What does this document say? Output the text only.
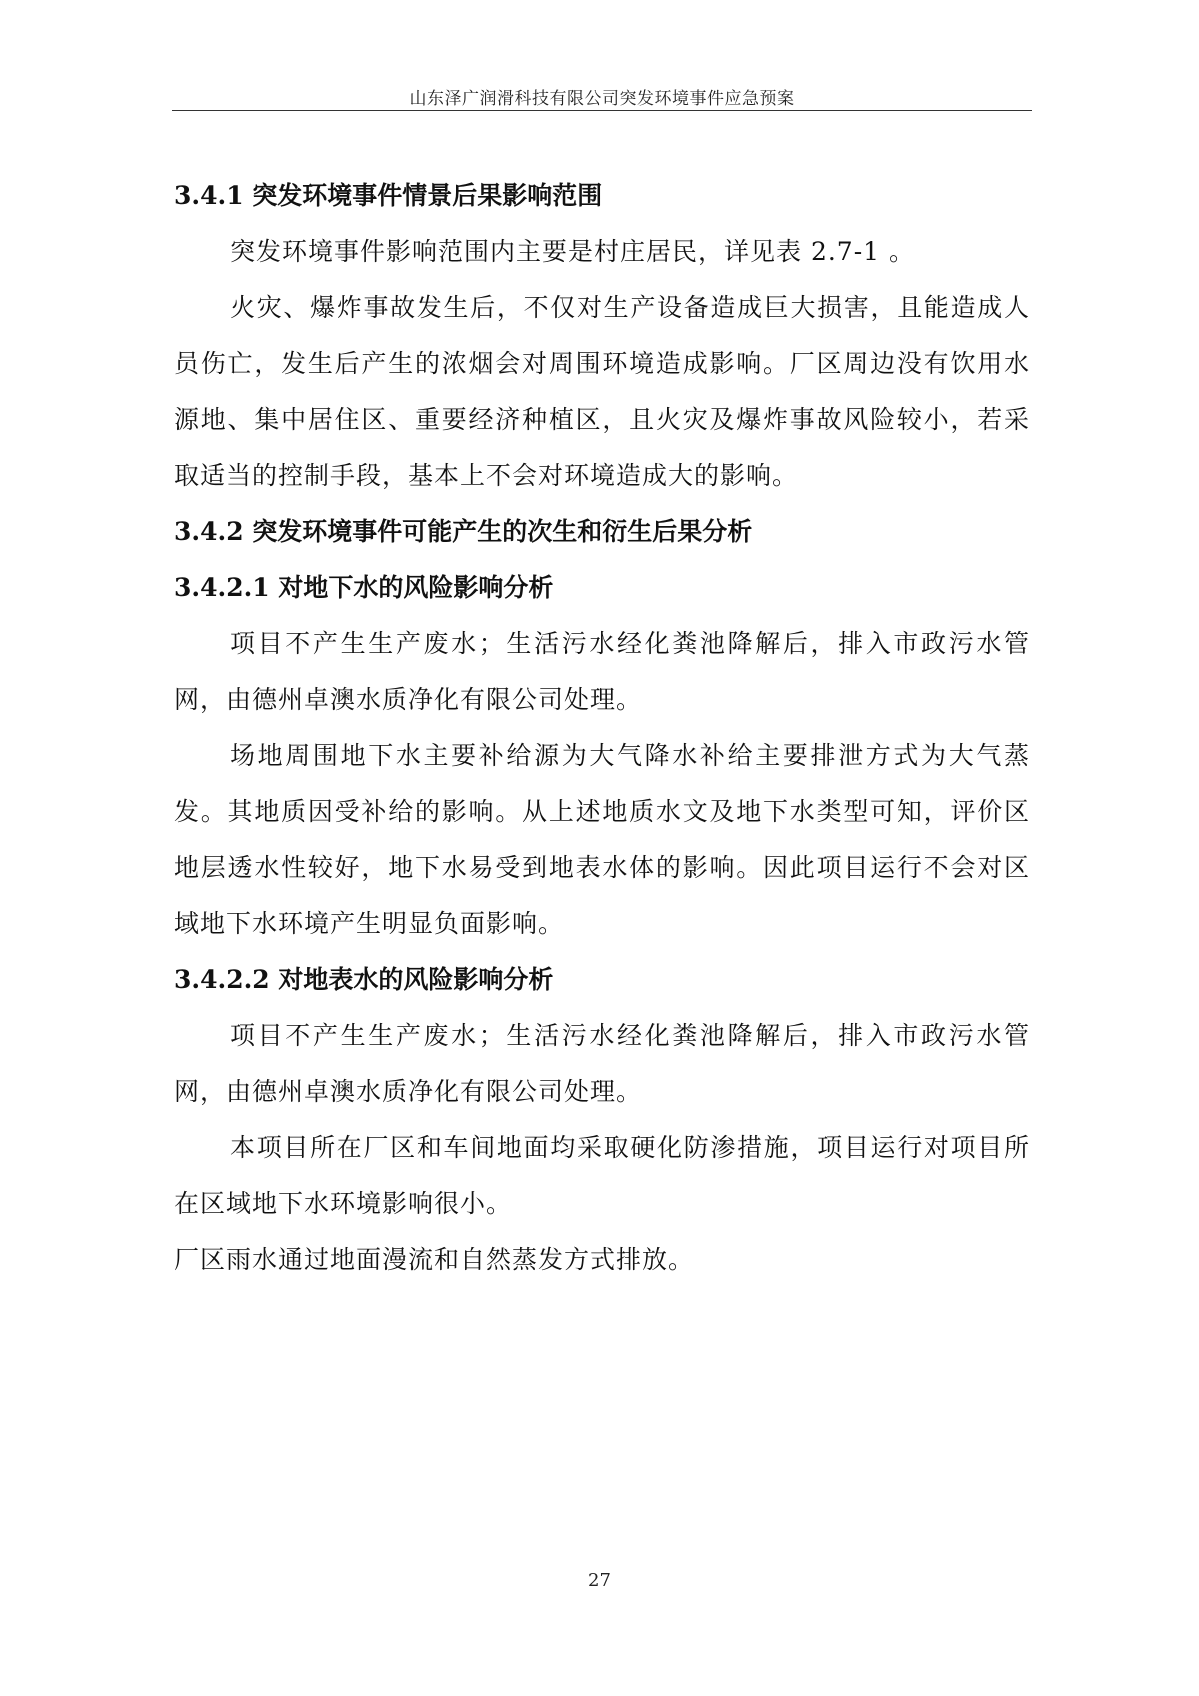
山东泽广润滑科技有限公司突发环境事件应急预案
3.4.1 突发环境事件情景后果影响范围
突发环境事件影响范围内主要是村庄居民，详见表 2.7-1 。
火灾、爆炸事故发生后，不仅对生产设备造成巨大损害，且能造成人员伤亡，发生后产生的浓烟会对周围环境造成影响。厂区周边没有饮用水源地、集中居住区、重要经济种植区，且火灾及爆炸事故风险较小，若采取适当的控制手段，基本上不会对环境造成大的影响。
3.4.2 突发环境事件可能产生的次生和衍生后果分析
3.4.2.1 对地下水的风险影响分析
项目不产生生产废水；生活污水经化粪池降解后，排入市政污水管网，由德州卓澳水质净化有限公司处理。
场地周围地下水主要补给源为大气降水补给主要排泄方式为大气蒸发。其地质因受补给的影响。从上述地质水文及地下水类型可知，评价区地层透水性较好，地下水易受到地表水体的影响。因此项目运行不会对区域地下水环境产生明显负面影响。
3.4.2.2 对地表水的风险影响分析
项目不产生生产废水；生活污水经化粪池降解后，排入市政污水管网，由德州卓澳水质净化有限公司处理。
本项目所在厂区和车间地面均采取硬化防渗措施，项目运行对项目所在区域地下水环境影响很小。
厂区雨水通过地面漫流和自然蒸发方式排放。
27
